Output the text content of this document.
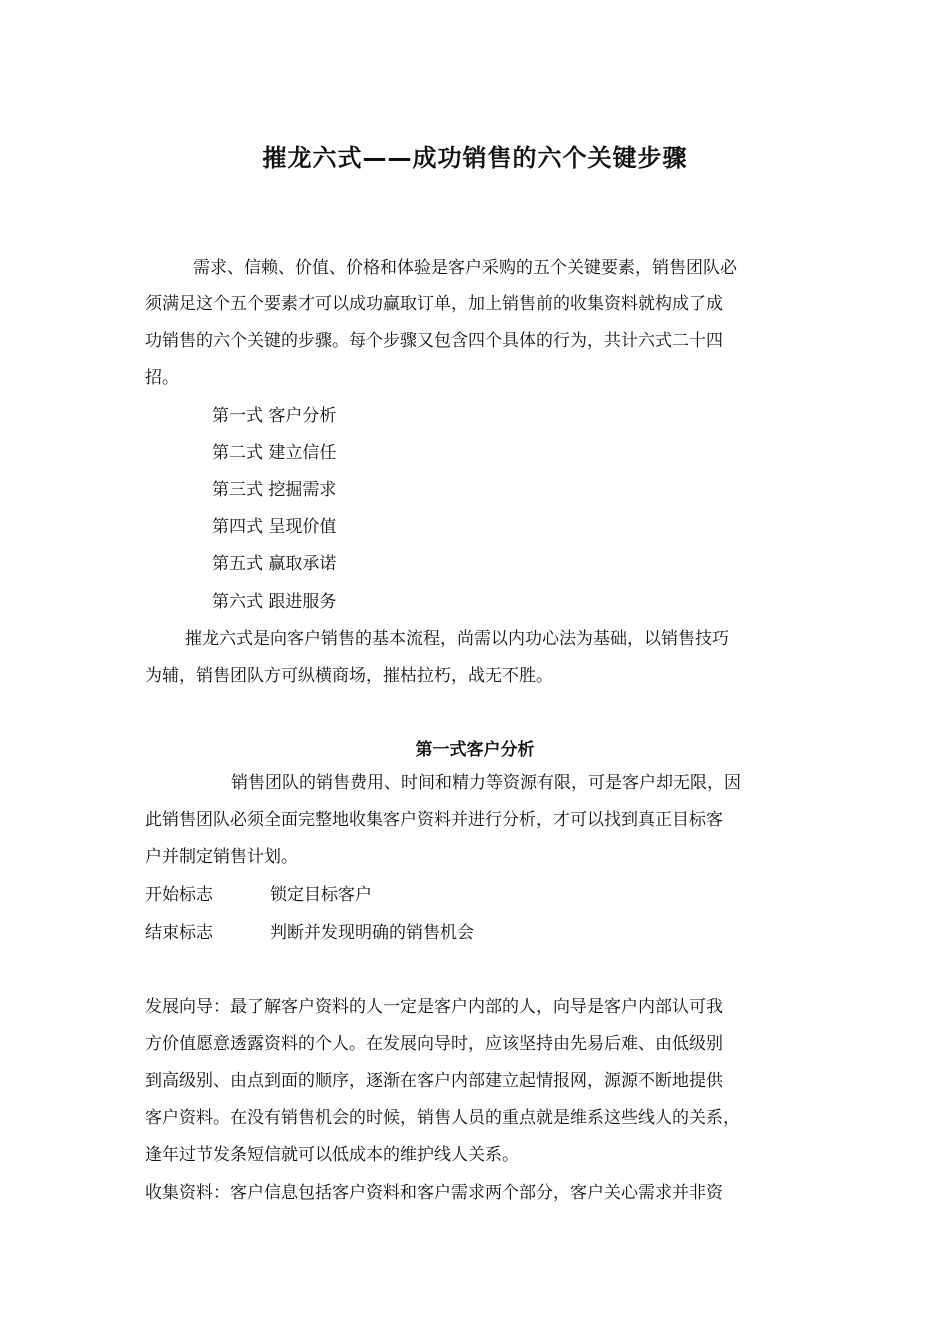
摧龙六式——成功销售的六个关键步骤
需求、信赖、价值、价格和体验是客户采购的五个关键要素，销售团队必
须满足这个五个要素才可以成功赢取订单，加上销售前的收集资料就构成了成
功销售的六个关键的步骤。每个步骤又包含四个具体的行为，共计六式二十四
招。
第一式 客户分析
第二式 建立信任
第三式 挖掘需求
第四式 呈现价值
第五式 赢取承诺
第六式 跟进服务
摧龙六式是向客户销售的基本流程，尚需以内功心法为基础，以销售技巧
为辅，销售团队方可纵横商场，摧枯拉朽，战无不胜。
第一式客户分析
销售团队的销售费用、时间和精力等资源有限，可是客户却无限，因
此销售团队必须全面完整地收集客户资料并进行分析，才可以找到真正目标客
户并制定销售计划。
开始标志	锁定目标客户
结束标志	判断并发现明确的销售机会
发展向导：最了解客户资料的人一定是客户内部的人，向导是客户内部认可我
方价值愿意透露资料的个人。在发展向导时，应该坚持由先易后难、由低级别
到高级别、由点到面的顺序，逐渐在客户内部建立起情报网，源源不断地提供
客户资料。在没有销售机会的时候，销售人员的重点就是维系这些线人的关系，
逢年过节发条短信就可以低成本的维护线人关系。
收集资料：客户信息包括客户资料和客户需求两个部分，客户关心需求并非资
